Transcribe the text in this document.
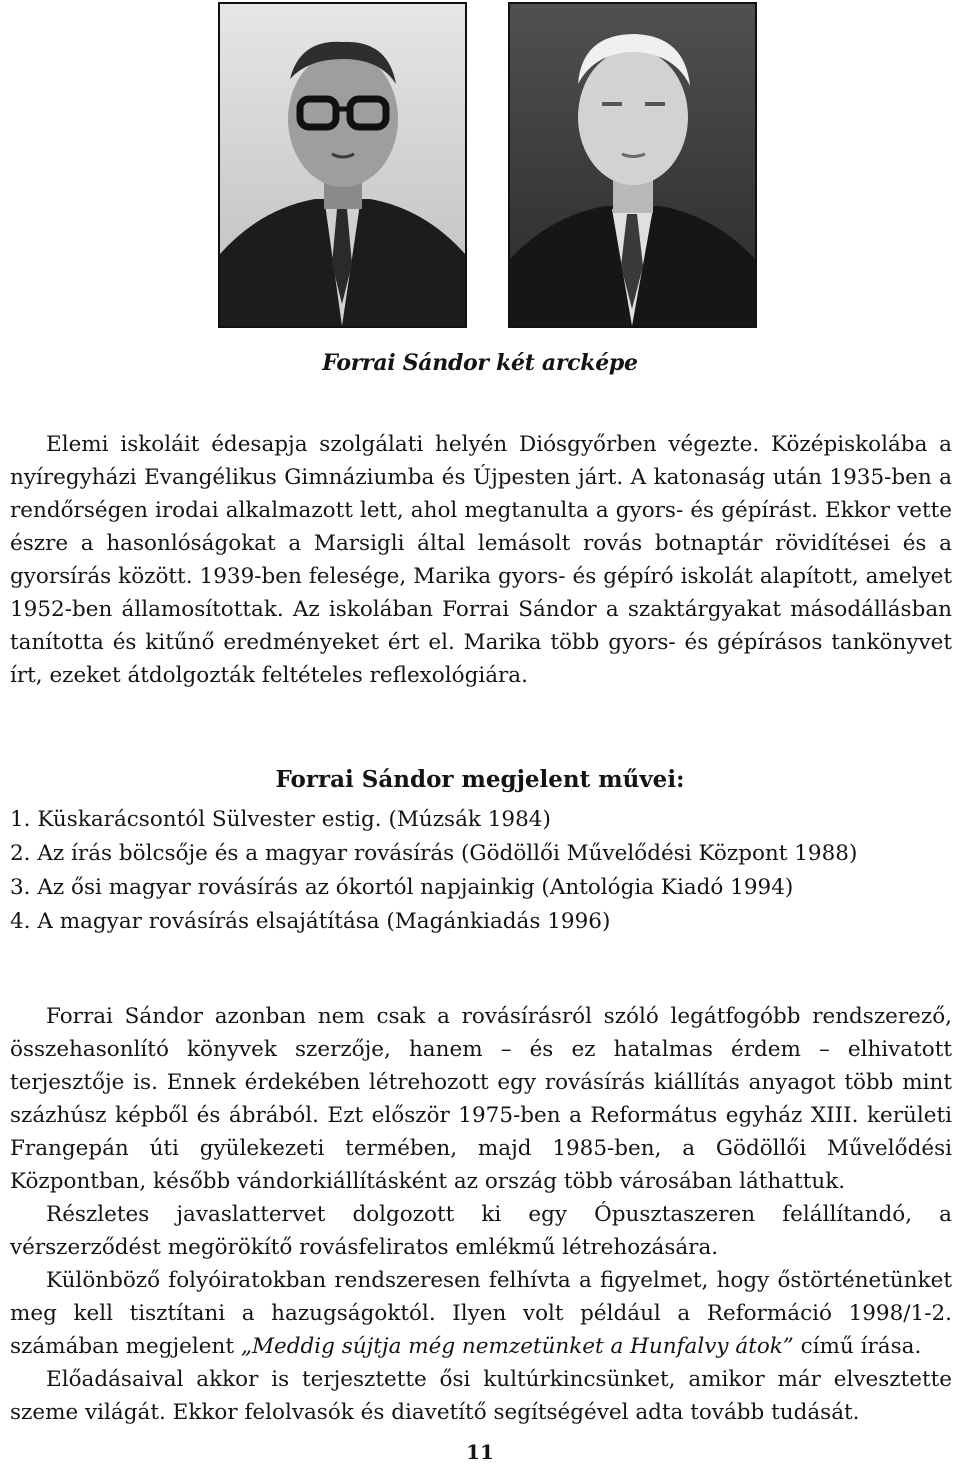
Forrai Sándor két arcképe

Elemi iskoláit édesapja szolgálati helyén Diósgyőrben végezte. Középiskolába a nyíregyházi Evangélikus Gimnáziumba és Újpesten járt. A katonaság után 1935-ben a rendőrségen irodai alkalmazott lett, ahol megtanulta a gyors- és gépírást. Ekkor vette észre a hasonlóságokat a Marsigli által lemásolt rovás botnaptár rövidítései és a gyorsírás között. 1939-ben felesége, Marika gyors- és gépíró iskolát alapított, amelyet 1952-ben államosítottak. Az iskolában Forrai Sándor a szaktárgyakat másodállásban tanította és kitűnő eredményeket ért el. Marika több gyors- és gépírásos tankönyvet írt, ezeket átdolgozták feltételes reflexológiára.

Forrai Sándor megjelent művei:
1. Küskarácsontól Sülvester estig. (Múzsák 1984)
2. Az írás bölcsője és a magyar rovásírás (Gödöllői Művelődési Központ 1988)
3. Az ősi magyar rovásírás az ókortól napjainkig (Antológia Kiadó 1994)
4. A magyar rovásírás elsajátítása (Magánkiadás 1996)

Forrai Sándor azonban nem csak a rovásírásról szóló legátfogóbb rendszerező, összehasonlító könyvek szerzője, hanem – és ez hatalmas érdem – elhivatott terjesztője is. Ennek érdekében létrehozott egy rovásírás kiállítás anyagot több mint százhúsz képből és ábrából. Ezt először 1975-ben a Református egyház XIII. kerületi Frangepán úti gyülekezeti termében, majd 1985-ben, a Gödöllői Művelődési Központban, később vándorkiállításként az ország több városában láthattuk.

Részletes javaslattervet dolgozott ki egy Ópusztaszeren felállítandó, a vérszerződést megörökítő rovásfeliratos emlékmű létrehozására.

Különböző folyóiratokban rendszeresen felhívta a figyelmet, hogy őstörténetünket meg kell tisztítani a hazugságoktól. Ilyen volt például a Reformáció 1998/1-2. számában megjelent „Meddig sújtja még nemzetünket a Hunfalvy átok” című írása.

Előadásaival akkor is terjesztette ősi kultúrkincsünket, amikor már elvesztette szeme világát. Ekkor felolvasók és diavetítő segítségével adta tovább tudását.

11
